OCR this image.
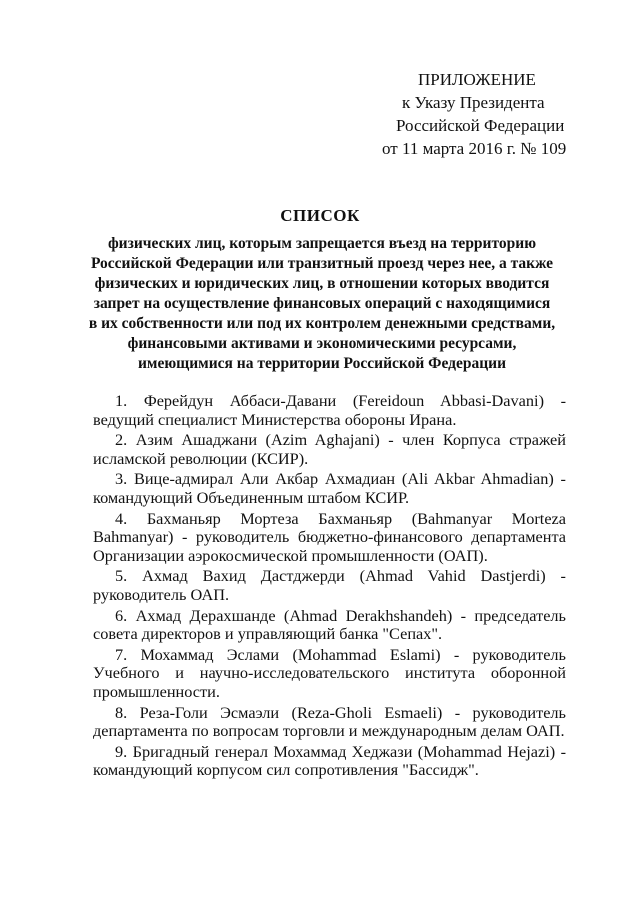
ПРИЛОЖЕНИЕ
к Указу Президента
Российской Федерации
от 11 марта 2016 г. № 109
СПИСОК
физических лиц, которым запрещается въезд на территорию
Российской Федерации или транзитный проезд через нее, а также
физических и юридических лиц, в отношении которых вводится
запрет на осуществление финансовых операций с находящимися
в их собственности или под их контролем денежными средствами,
финансовыми активами и экономическими ресурсами,
имеющимися на территории Российской Федерации

1. Ферейдун Аббаси-Давани (Fereidoun Abbasi-Davani) - ведущий специалист Министерства обороны Ирана.

2. Азим Ашаджани (Azim Aghajani) - член Корпуса стражей исламской революции (КСИР).

3. Вице-адмирал Али Акбар Ахмадиан (Ali Akbar Ahmadian) - командующий Объединенным штабом КСИР.

4. Бахманьяр Мортеза Бахманьяр (Bahmanyar Morteza Bahmanyar) - руководитель бюджетно-финансового департамента Организации аэрокосмической промышленности (ОАП).

5. Ахмад Вахид Дастджерди (Ahmad Vahid Dastjerdi) - руководитель ОАП.

6. Ахмад Дерахшанде (Ahmad Derakhshandeh) - председатель совета директоров и управляющий банка "Сепах".

7. Мохаммад Эслами (Mohammad Eslami) - руководитель Учебного и научно-исследовательского института оборонной промышленности.

8. Реза-Голи Эсмаэли (Reza-Gholi Esmaeli) - руководитель департамента по вопросам торговли и международным делам ОАП.

9. Бригадный генерал Мохаммад Хеджази (Mohammad Hejazi) - командующий корпусом сил сопротивления "Бассидж".
